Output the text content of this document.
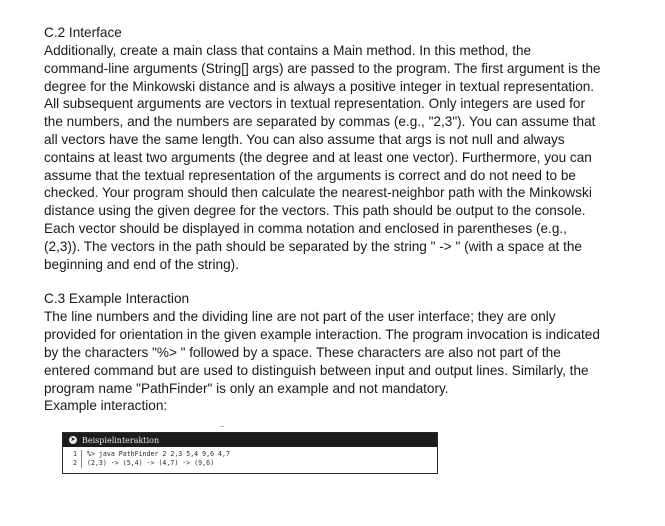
C.2 Interface

Additionally, create a main class that contains a Main method. In this method, the

command-line arguments (String[] args) are passed to the program. The first argument is the

degree for the Minkowski distance and is always a positive integer in textual representation.

All subsequent arguments are vectors in textual representation. Only integers are used for

the numbers, and the numbers are separated by commas (e.g., "2,3"). You can assume that

all vectors have the same length. You can also assume that args is not null and always

contains at least two arguments (the degree and at least one vector). Furthermore, you can

assume that the textual representation of the arguments is correct and do not need to be

checked. Your program should then calculate the nearest-neighbor path with the Minkowski

distance using the given degree for the vectors. This path should be output to the console.

Each vector should be displayed in comma notation and enclosed in parentheses (e.g.,

(2,3)). The vectors in the path should be separated by the string " -> " (with a space at the

beginning and end of the string).

C.3 Example Interaction

The line numbers and the dividing line are not part of the user interface; they are only

provided for orientation in the given example interaction. The program invocation is indicated

by the characters "%> " followed by a space. These characters are also not part of the

entered command but are used to distinguish between input and output lines. Similarly, the

program name "PathFinder" is only an example and not mandatory.

Example interaction:

➤ Beispielinteraktion
1	%> java PathFinder 2 2,3 5,4 9,6 4,7
2	(2,3) -> (5,4) -> (4,7) -> (9,6)
